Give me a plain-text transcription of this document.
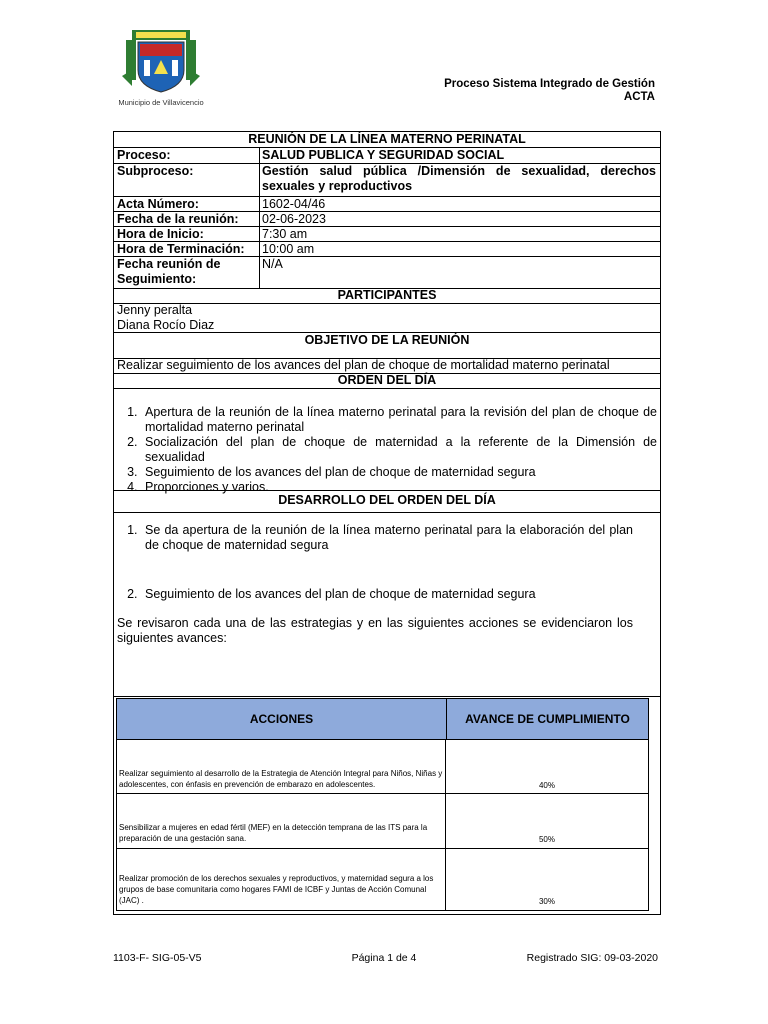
Municipio de Villavicencio
Proceso Sistema Integrado de Gestión
ACTA
REUNIÓN DE LA LÍNEA MATERNO PERINATAL
Proceso:	SALUD PUBLICA Y SEGURIDAD SOCIAL
Subproceso:	Gestión salud pública /Dimensión de sexualidad, derechos sexuales y reproductivos
Acta Número:	1602-04/46
Fecha de la reunión: 02-06-2023
Hora de Inicio:	7:30 am
Hora de Terminación: 10:00 am
Fecha reunión de Seguimiento:
N/A
PARTICIPANTES
Jenny peralta
Diana Rocío Diaz
OBJETIVO DE LA REUNIÓN
Realizar seguimiento de los avances del plan de choque de mortalidad materno perinatal
ORDEN DEL DÍA
1. Apertura de la reunión de la línea materno perinatal para la revisión del plan de choque de mortalidad materno perinatal
2. Socialización del plan de choque de maternidad a la referente de la Dimensión de sexualidad
3. Seguimiento de los avances del plan de choque de maternidad segura
4. Proporciones y varios.
DESARROLLO DEL ORDEN DEL DÍA
1. Se da apertura de la reunión de la línea materno perinatal para la elaboración del plan de choque de maternidad segura
2. Seguimiento de los avances del plan de choque de maternidad segura
Se revisaron cada una de las estrategias y en las siguientes acciones se evidenciaron los siguientes avances:
ACCIONES	AVANCE DE CUMPLIMIENTO
Realizar seguimiento al desarrollo de la Estrategia de Atención Integral para Niños, Niñas y adolescentes, con énfasis en prevención de embarazo en adolescentes.	40%
Sensibilizar a mujeres en edad fértil (MEF) en la detección temprana de las ITS para la preparación de una gestación sana.	50%
Realizar promoción de los derechos sexuales y reproductivos, y maternidad segura a los grupos de base comunitaria como hogares FAMI de ICBF y Juntas de Acción Comunal (JAC) .	30%
1103-F- SIG-05-V5	Página 1 de 4	Registrado SIG: 09-03-2020
